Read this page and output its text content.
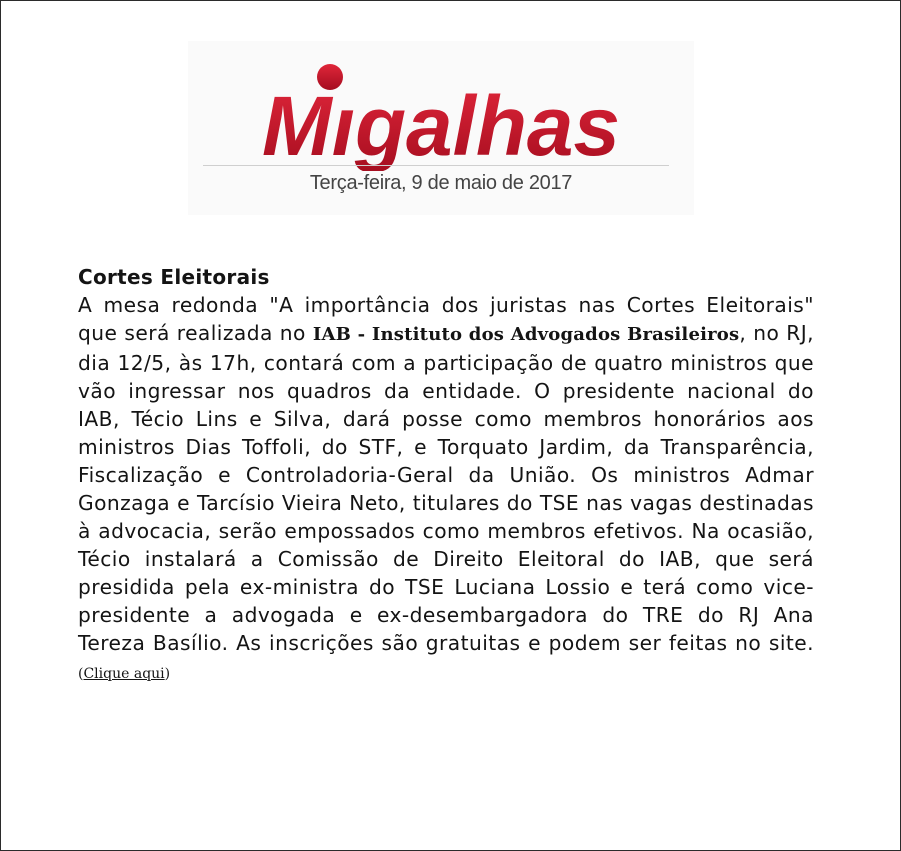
Mıgalhas
Terça-feira, 9 de maio de 2017
Cortes Eleitorais

A mesa redonda "A importância dos juristas nas Cortes Eleitorais" que será realizada no IAB - Instituto dos Advogados Brasileiros, no RJ, dia 12/5, às 17h, contará com a participação de quatro ministros que vão ingressar nos quadros da entidade. O presidente nacional do IAB, Técio Lins e Silva, dará posse como membros honorários aos ministros Dias Toffoli, do STF, e Torquato Jardim, da Transparência, Fiscalização e Controladoria-Geral da União. Os ministros Admar Gonzaga e Tarcísio Vieira Neto, titulares do TSE nas vagas destinadas à advocacia, serão empossados como membros efetivos. Na ocasião, Técio instalará a Comissão de Direito Eleitoral do IAB, que será presidida pela ex-ministra do TSE Luciana Lossio e terá como vice-presidente a advogada e ex-desembargadora do TRE do RJ Ana Tereza Basílio. As inscrições são gratuitas e podem ser feitas no site. (Clique aqui)
